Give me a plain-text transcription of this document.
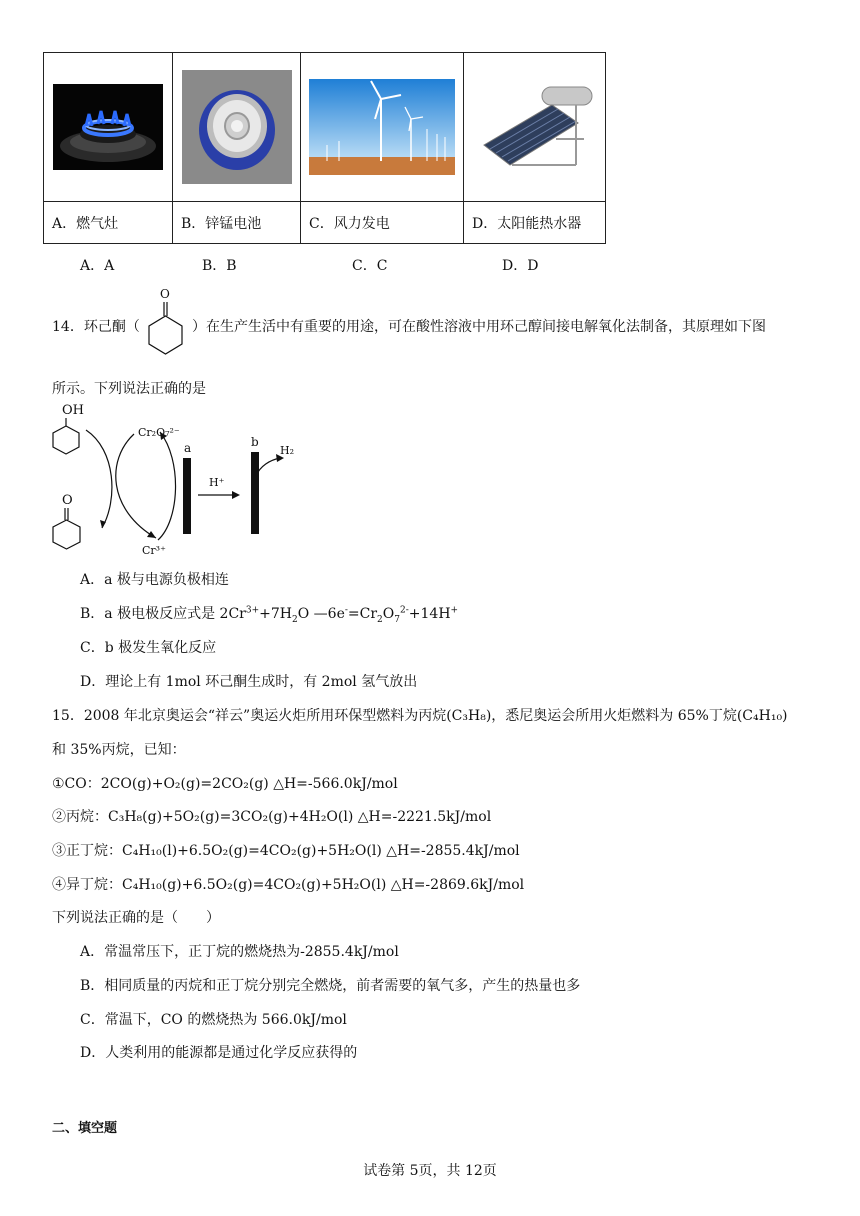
A．燃气灶	B．锌锰电池	C．风力发电	D．太阳能热水器
A．A	B．B	C．C	D．D
14．环己酮（
O
）在生产生活中有重要的用途，可在酸性溶液中用环己醇间接电解氧化法制备，其原理如下图
所示。下列说法正确的是
OH
O
Cr₂O₇²⁻
Cr³⁺
a	b
H⁺
H₂
A．a 极与电源负极相连
B．a 极电极反应式是 $2Cr^{3+}+7H_2O$ $—6e^-=Cr_2O_7^{2-}+14H^+$
C．b 极发生氧化反应
D．理论上有 1mol 环己酮生成时，有 2mol 氢气放出
15．2008 年北京奥运会“祥云”奥运火炬所用环保型燃料为丙烷(C₃H₈)，悉尼奥运会所用火炬燃料为 65%丁烷(C₄H₁₀)
和 35%丙烷，已知：
①CO：2CO(g)+O₂(g)=2CO₂(g) △H=-566.0kJ/mol
②丙烷：C₃H₈(g)+5O₂(g)=3CO₂(g)+4H₂O(l) △H=-2221.5kJ/mol
③正丁烷：C₄H₁₀(l)+6.5O₂(g)=4CO₂(g)+5H₂O(l) △H=-2855.4kJ/mol
④异丁烷：C₄H₁₀(g)+6.5O₂(g)=4CO₂(g)+5H₂O(l) △H=-2869.6kJ/mol
下列说法正确的是（　　）
A．常温常压下，正丁烷的燃烧热为-2855.4kJ/mol
B．相同质量的丙烷和正丁烷分别完全燃烧，前者需要的氧气多，产生的热量也多
C．常温下，CO 的燃烧热为 566.0kJ/mol
D．人类利用的能源都是通过化学反应获得的
二、填空题
试卷第 5页，共 12页
